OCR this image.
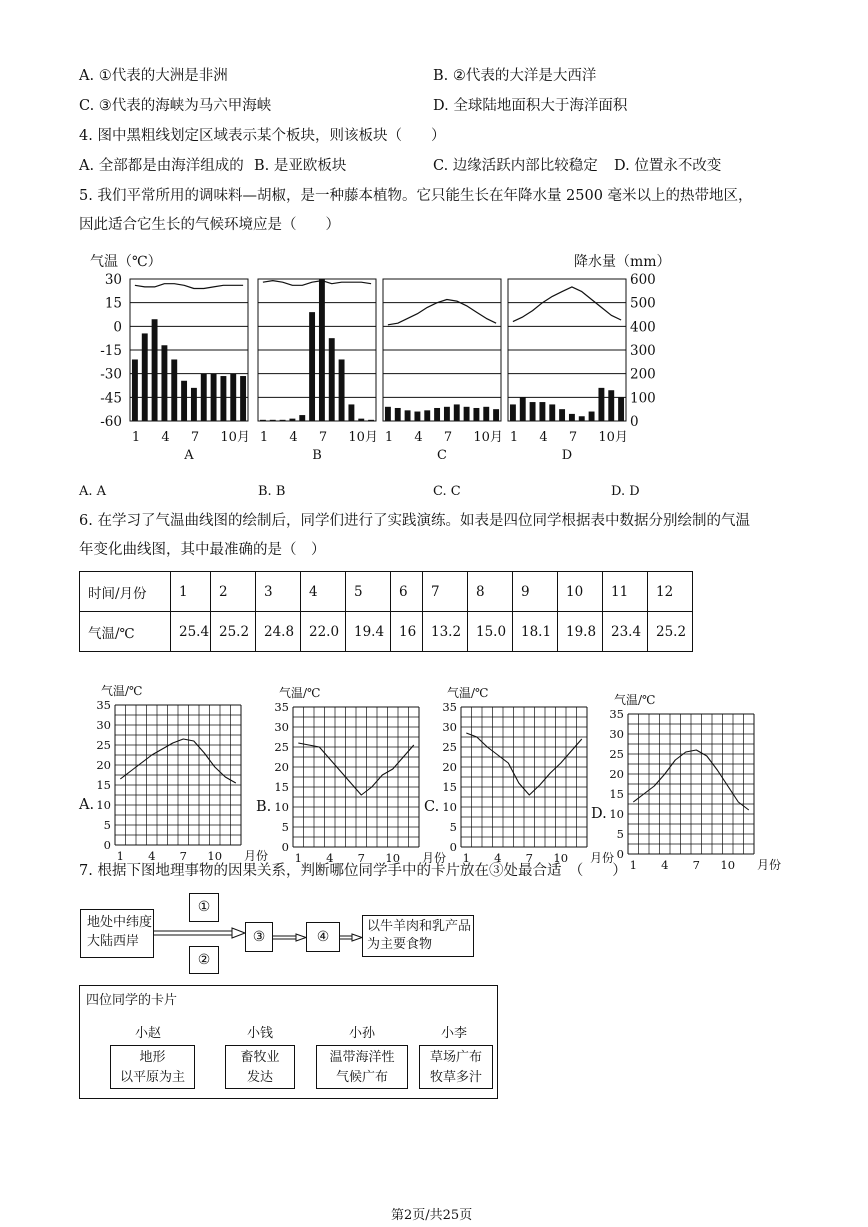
A. ①代表的大洲是非洲	B. ②代表的大洋是大西洋
C. ③代表的海峡为马六甲海峡	D. 全球陆地面积大于海洋面积
4. 图中黑粗线划定区域表示某个板块，则该板块（　　）
A. 全部都是由海洋组成的 B. 是亚欧板块	C. 边缘活跃内部比较稳定 D. 位置永不改变
5. 我们平常所用的调味料—胡椒，是一种藤本植物。它只能生长在年降水量 2500 毫米以上的热带地区，
因此适合它生长的气候环境应是（　　）
气温（℃）	降水量（mm）
30
15
0
-15
-30
-45
-60
600
500
400
300
200
100
0
1 4 7 10月
A
1 4 7 10月
B
1 4 7 10月
C
1 4 7 10月
D
A. A	B. B	C. C	D. D
6. 在学习了气温曲线图的绘制后，同学们进行了实践演练。如表是四位同学根据表中数据分别绘制的气温
年变化曲线图，其中最准确的是（　）
时间/月份	1	2	3	4	5	6	7	8	9	10	11	12
气温/℃	25.4	25.2	24.8	22.0	19.4	16	13.2	15.0	18.1	19.8	23.4	25.2
气温/℃
0
5
10
15
20
25
30
35
1 4 7 10 月份
A.
气温/℃
0
5
10
15
20
25
30
35
1 4 7 10 月份
B.
气温/℃
0
5
10
15
20
25
30
35
1 4 7 10 月份
C.
气温/℃
0
5
10
15
20
25
30
35
1 4 7 10 月份
D.
7. 根据下图地理事物的因果关系，判断哪位同学手中的卡片放在③处最合适　（　　）
地处中纬度
大陆西岸
①
②
③	④
以牛羊肉和乳产品
为主要食物
四位同学的卡片
小赵
地形
以平原为主
小钱
畜牧业
发达
小孙
温带海洋性
气候广布
小李
草场广布
牧草多汁
第2页/共25页
